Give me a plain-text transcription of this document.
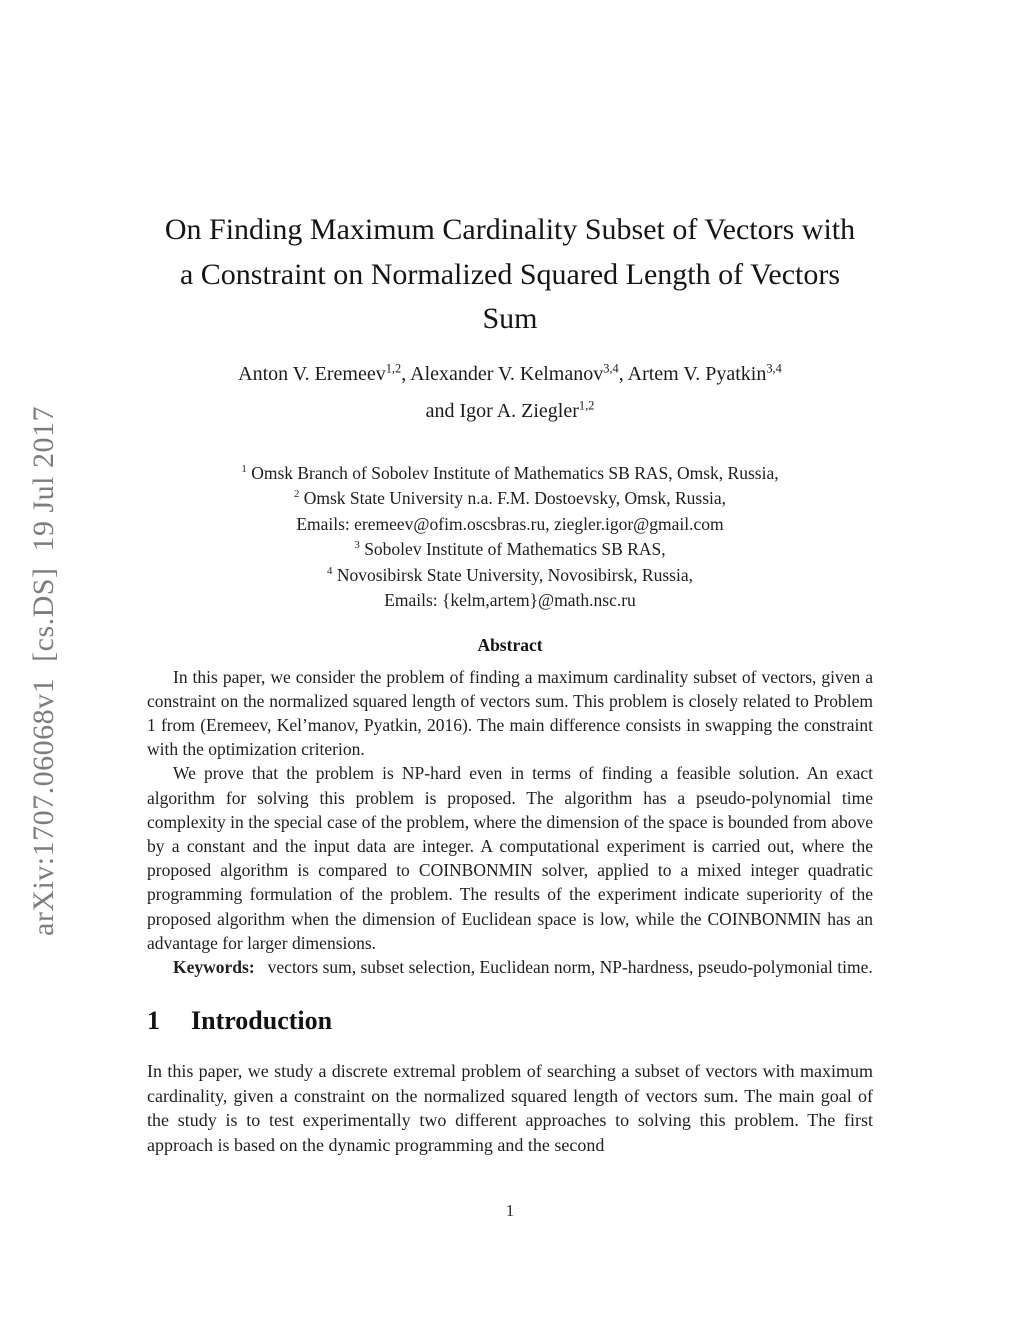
arXiv:1707.06068v1  [cs.DS]  19 Jul 2017
On Finding Maximum Cardinality Subset of Vectors with
a Constraint on Normalized Squared Length of Vectors
Sum
Anton V. Eremeev$^{1,2}$, Alexander V. Kelmanov$^{3,4}$, Artem V. Pyatkin$^{3,4}$
and Igor A. Ziegler$^{1,2}$
$^1$ Omsk Branch of Sobolev Institute of Mathematics SB RAS, Omsk, Russia,
$^2$ Omsk State University n.a. F.M. Dostoevsky, Omsk, Russia,
Emails: eremeev@ofim.oscsbras.ru, ziegler.igor@gmail.com
$^3$ Sobolev Institute of Mathematics SB RAS,
$^4$ Novosibirsk State University, Novosibirsk, Russia,
Emails: {kelm,artem}@math.nsc.ru
Abstract

In this paper, we consider the problem of finding a maximum cardinality subset of vectors, given a constraint on the normalized squared length of vectors sum. This problem is closely related to Problem 1 from (Eremeev, Kel’manov, Pyatkin, 2016). The main difference consists in swapping the constraint with the optimization criterion.

We prove that the problem is NP-hard even in terms of finding a feasible solution. An exact algorithm for solving this problem is proposed. The algorithm has a pseudo-polynomial time complexity in the special case of the problem, where the dimension of the space is bounded from above by a constant and the input data are integer. A computational experiment is carried out, where the proposed algorithm is compared to COINBONMIN solver, applied to a mixed integer quadratic programming formulation of the problem. The results of the experiment indicate superiority of the proposed algorithm when the dimension of Euclidean space is low, while the COINBONMIN has an advantage for larger dimensions.

Keywords: vectors sum, subset selection, Euclidean norm, NP-hardness, pseudo-polymonial time.

1 Introduction

In this paper, we study a discrete extremal problem of searching a subset of vectors with maximum cardinality, given a constraint on the normalized squared length of vectors sum. The main goal of the study is to test experimentally two different approaches to solving this problem. The first approach is based on the dynamic programming and the second

1
